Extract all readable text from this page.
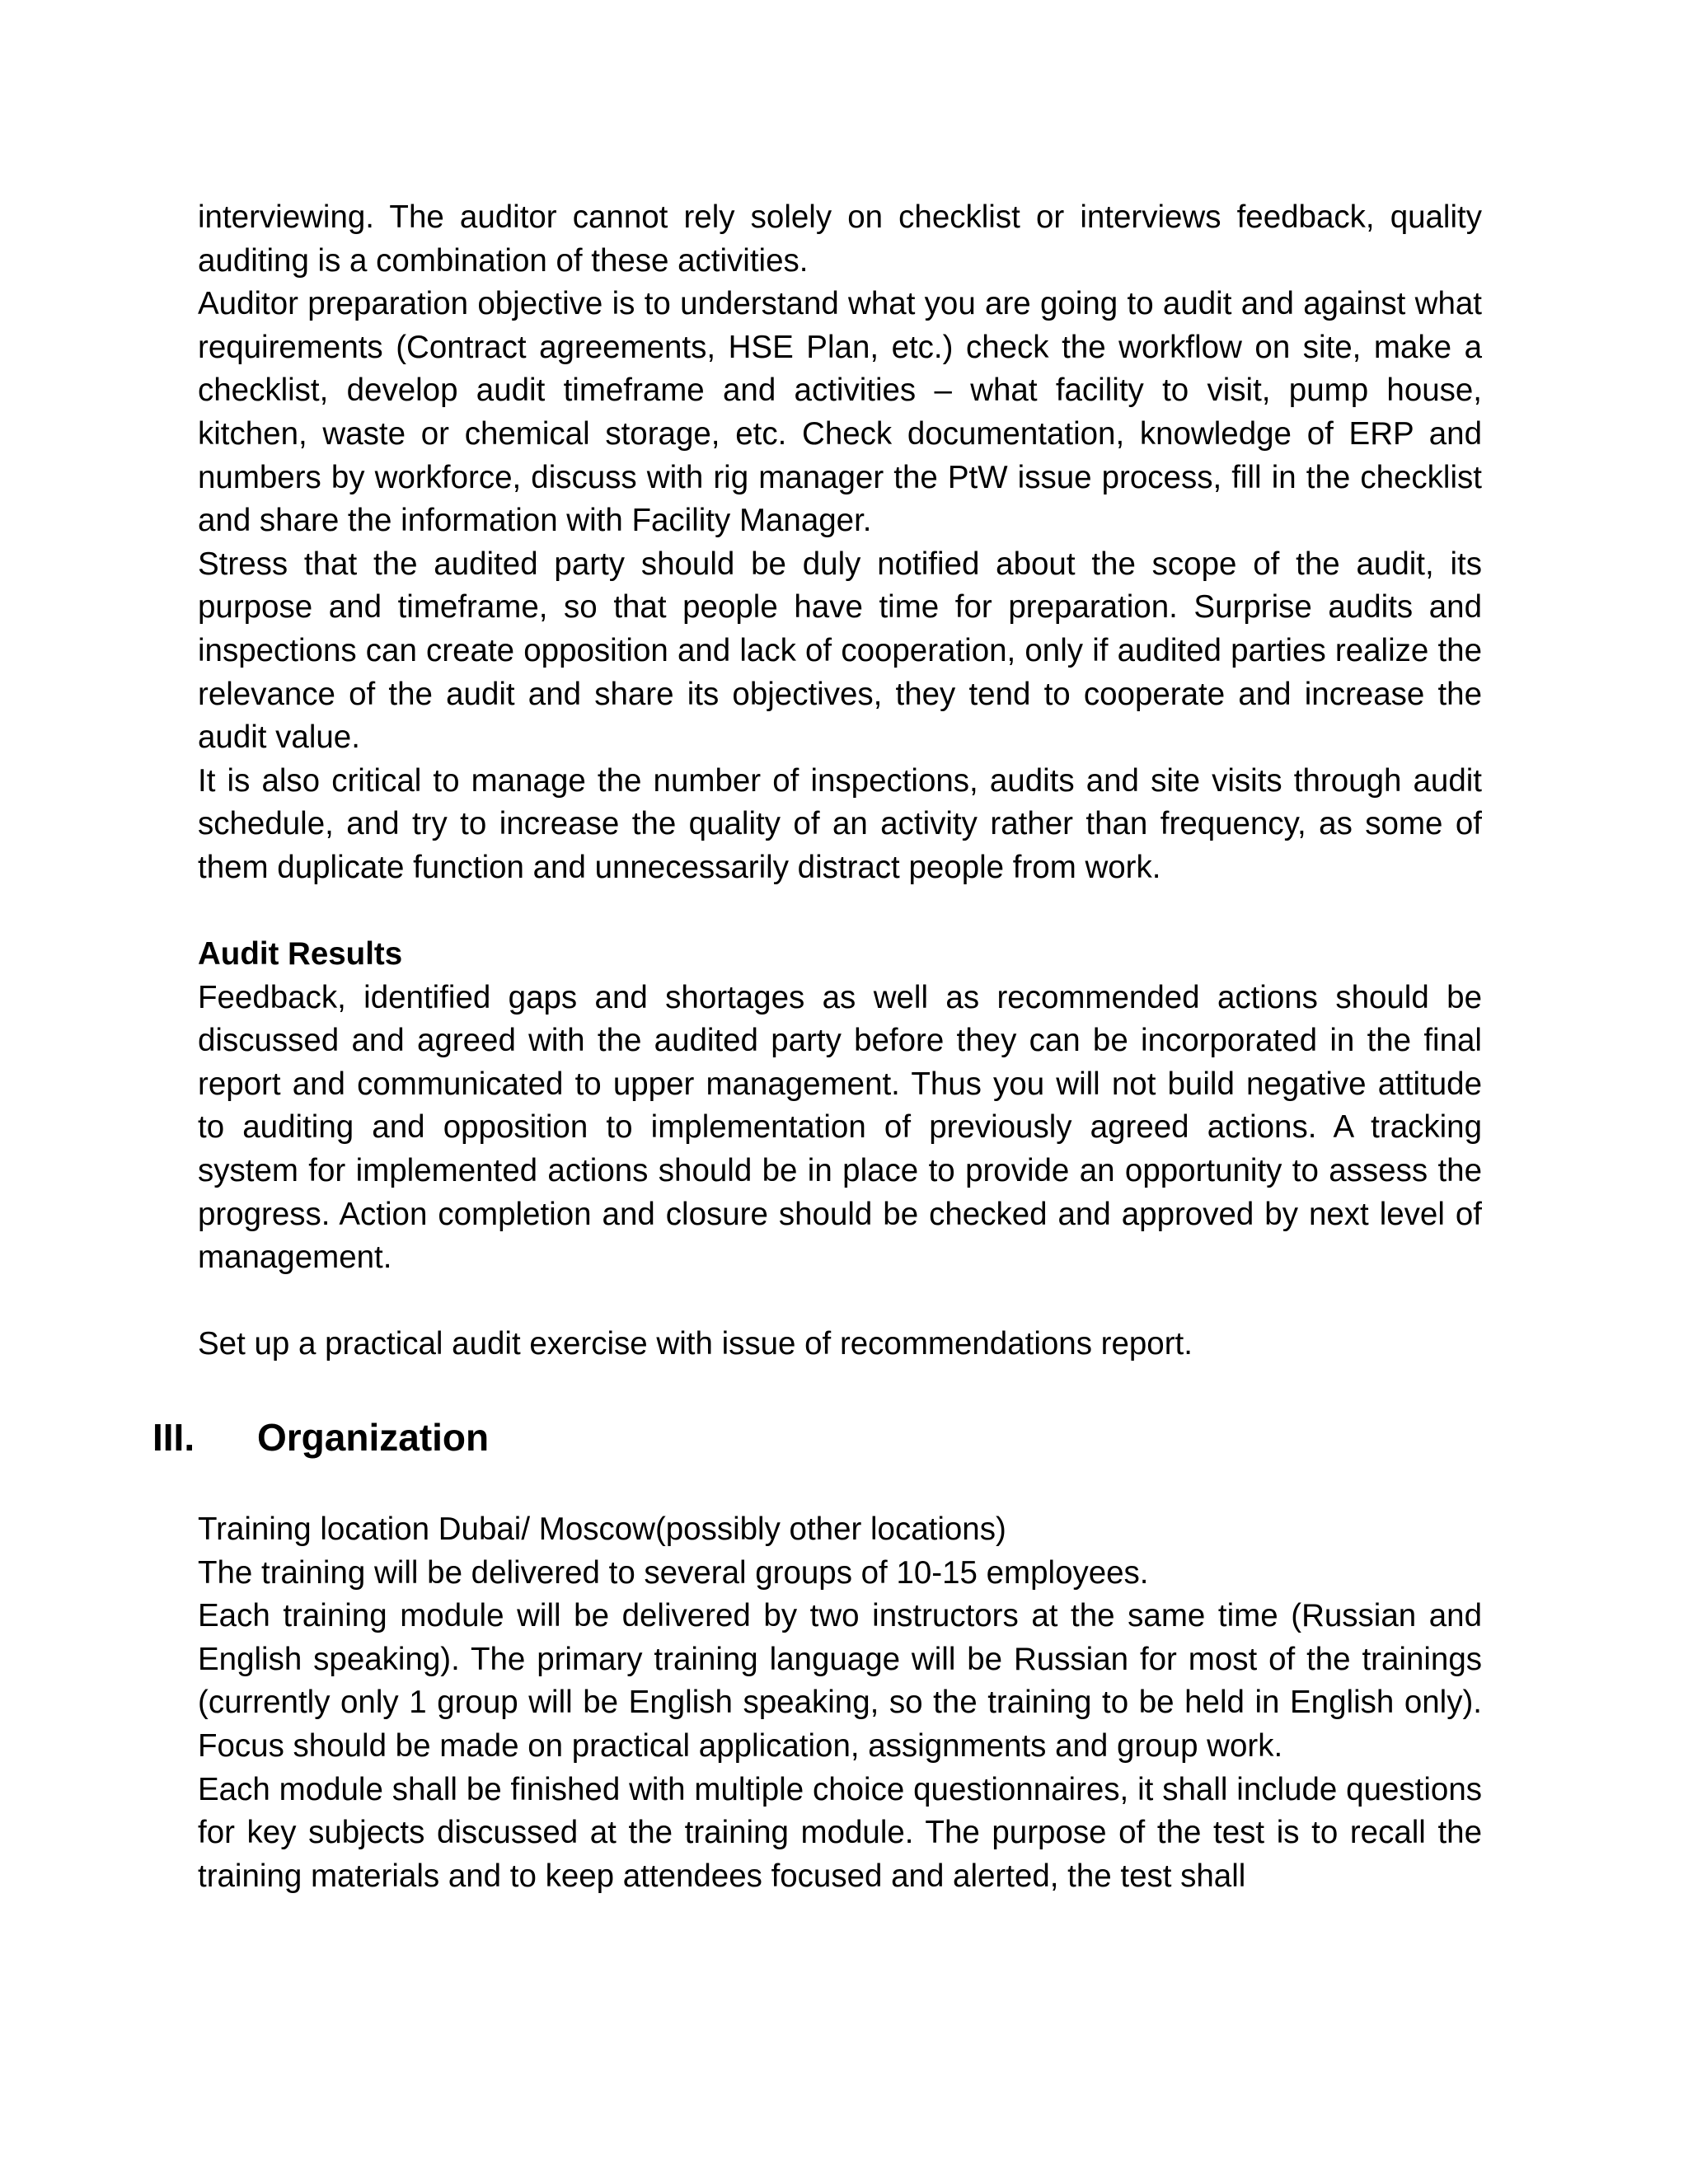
interviewing. The auditor cannot rely solely on checklist or interviews feedback, quality auditing is a combination of these activities.

Auditor preparation objective is to understand what you are going to audit and against what requirements (Contract agreements, HSE Plan, etc.) check the workflow on site, make a checklist, develop audit timeframe and activities – what facility to visit, pump house, kitchen, waste or chemical storage, etc. Check documentation, knowledge of ERP and numbers by workforce, discuss with rig manager the PtW issue process, fill in the checklist and share the information with Facility Manager.

Stress that the audited party should be duly notified about the scope of the audit, its purpose and timeframe, so that people have time for preparation. Surprise audits and inspections can create opposition and lack of cooperation, only if audited parties realize the relevance of the audit and share its objectives, they tend to cooperate and increase the audit value.

It is also critical to manage the number of inspections, audits and site visits through audit schedule, and try to increase the quality of an activity rather than frequency, as some of them duplicate function and unnecessarily distract people from work.

Audit Results

Feedback, identified gaps and shortages as well as recommended actions should be discussed and agreed with the audited party before they can be incorporated in the final report and communicated to upper management. Thus you will not build negative attitude to auditing and opposition to implementation of previously agreed actions. A tracking system for implemented actions should be in place to provide an opportunity to assess the progress. Action completion and closure should be checked and approved by next level of management.

Set up a practical audit exercise with issue of recommendations report.

III. Organization

Training location Dubai/ Moscow(possibly other locations)

The training will be delivered to several groups of 10-15 employees.

Each training module will be delivered by two instructors at the same time (Russian and English speaking). The primary training language will be Russian for most of the trainings (currently only 1 group will be English speaking, so the training to be held in English only). Focus should be made on practical application, assignments and group work.

Each module shall be finished with multiple choice questionnaires, it shall include questions for key subjects discussed at the training module. The purpose of the test is to recall the training materials and to keep attendees focused and alerted, the test shall
